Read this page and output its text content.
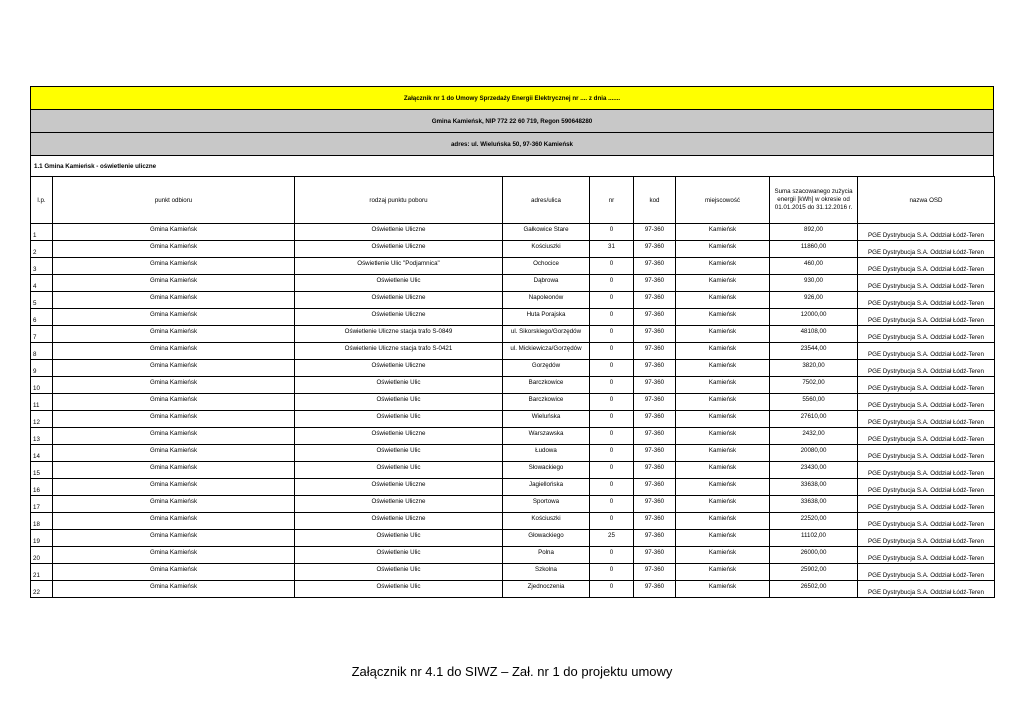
Załącznik nr 1 do Umowy Sprzedaży Energii Elektrycznej nr .... z dnia .......
Gmina Kamieńsk, NIP 772 22 60 719, Regon 590648280
adres: ul. Wieluńska 50, 97-360 Kamieńsk
1.1 Gmina Kamieńsk - oświetlenie uliczne
l.p.	punkt odbioru	rodzaj punktu poboru	adres/ulica	nr	kod	miejscowość	Suma szacowanego zużycia energii [kWh] w okresie od 01.01.2015 do 31.12.2016 r.	nazwa OSD
1	Gmina Kamieńsk	Oświetlenie Uliczne	Gałkowice Stare	0	97-360	Kamieńsk	892,00	PGE Dystrybucja S.A. Oddział Łódź-Teren
2	Gmina Kamieńsk	Oświetlenie Uliczne	Kościuszki	31	97-360	Kamieńsk	11860,00	PGE Dystrybucja S.A. Oddział Łódź-Teren
3	Gmina Kamieńsk	Oświetlenie Ulic "Podjamnica"	Ochocice	0	97-360	Kamieńsk	460,00	PGE Dystrybucja S.A. Oddział Łódź-Teren
4	Gmina Kamieńsk	Oświetlenie Ulic	Dąbrowa	0	97-360	Kamieńsk	930,00	PGE Dystrybucja S.A. Oddział Łódź-Teren
5	Gmina Kamieńsk	Oświetlenie Uliczne	Napoleonów	0	97-360	Kamieńsk	926,00	PGE Dystrybucja S.A. Oddział Łódź-Teren
6	Gmina Kamieńsk	Oświetlenie Uliczne	Huta Porajska	0	97-360	Kamieńsk	12000,00	PGE Dystrybucja S.A. Oddział Łódź-Teren
7	Gmina Kamieńsk	Oświetlenie Uliczne stacja trafo S-0849	ul. Sikorskiego/Gorzędów	0	97-360	Kamieńsk	48108,00	PGE Dystrybucja S.A. Oddział Łódź-Teren
8	Gmina Kamieńsk	Oświetlenie Uliczne stacja trafo S-0421	ul. Mickiewicza/Gorzędów	0	97-360	Kamieńsk	23544,00	PGE Dystrybucja S.A. Oddział Łódź-Teren
9	Gmina Kamieńsk	Oświetlenie Uliczne	Gorzędów	0	97-360	Kamieńsk	3820,00	PGE Dystrybucja S.A. Oddział Łódź-Teren
10	Gmina Kamieńsk	Oświetlenie Ulic	Barczkowice	0	97-360	Kamieńsk	7502,00	PGE Dystrybucja S.A. Oddział Łódź-Teren
11	Gmina Kamieńsk	Oświetlenie Ulic	Barczkowice	0	97-360	Kamieńsk	5560,00	PGE Dystrybucja S.A. Oddział Łódź-Teren
12	Gmina Kamieńsk	Oświetlenie Ulic	Wieluńska	0	97-360	Kamieńsk	27610,00	PGE Dystrybucja S.A. Oddział Łódź-Teren
13	Gmina Kamieńsk	Oświetlenie Uliczne	Warszawska	0	97-360	Kamieńsk	2432,00	PGE Dystrybucja S.A. Oddział Łódź-Teren
14	Gmina Kamieńsk	Oświetlenie Ulic	Łudowa	0	97-360	Kamieńsk	20080,00	PGE Dystrybucja S.A. Oddział Łódź-Teren
15	Gmina Kamieńsk	Oświetlenie Ulic	Słowackiego	0	97-360	Kamieńsk	23430,00	PGE Dystrybucja S.A. Oddział Łódź-Teren
16	Gmina Kamieńsk	Oświetlenie Uliczne	Jagiellońska	0	97-360	Kamieńsk	33638,00	PGE Dystrybucja S.A. Oddział Łódź-Teren
17	Gmina Kamieńsk	Oświetlenie Uliczne	Sportowa	0	97-360	Kamieńsk	33638,00	PGE Dystrybucja S.A. Oddział Łódź-Teren
18	Gmina Kamieńsk	Oświetlenie Uliczne	Kościuszki	0	97-360	Kamieńsk	22520,00	PGE Dystrybucja S.A. Oddział Łódź-Teren
19	Gmina Kamieńsk	Oświetlenie Ulic	Głowackiego	25	97-360	Kamieńsk	11102,00	PGE Dystrybucja S.A. Oddział Łódź-Teren
20	Gmina Kamieńsk	Oświetlenie Ulic	Polna	0	97-360	Kamieńsk	26000,00	PGE Dystrybucja S.A. Oddział Łódź-Teren
21	Gmina Kamieńsk	Oświetlenie Ulic	Szkolna	0	97-360	Kamieńsk	25902,00	PGE Dystrybucja S.A. Oddział Łódź-Teren
22	Gmina Kamieńsk	Oświetlenie Ulic	Zjednoczenia	0	97-360	Kamieńsk	26502,00	PGE Dystrybucja S.A. Oddział Łódź-Teren
Załącznik nr 4.1 do SIWZ – Zał. nr 1 do projektu umowy
